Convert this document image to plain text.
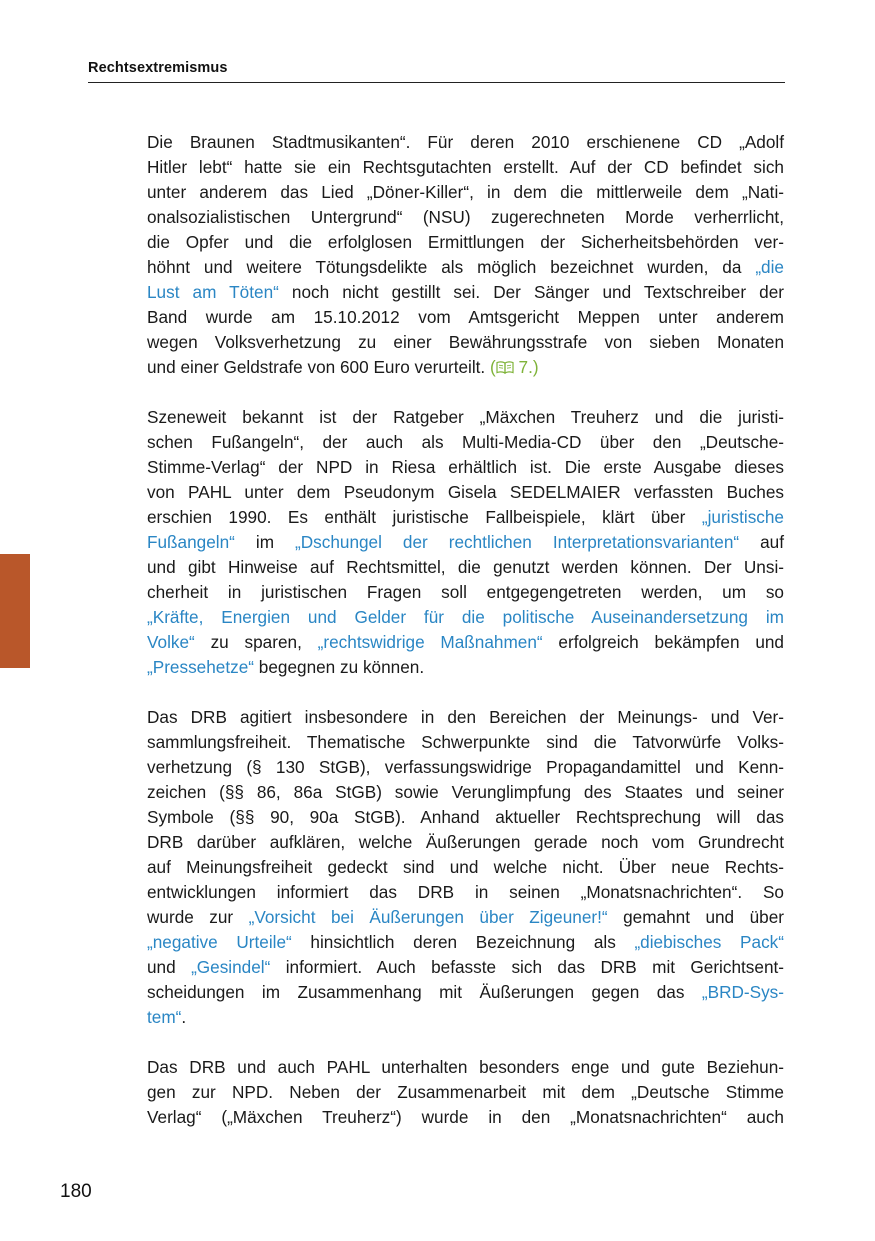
Rechtsextremismus

Die Braunen Stadtmusikanten“. Für deren 2010 erschienene CD „Adolf
Hitler lebt“ hatte sie ein Rechtsgutachten erstellt. Auf der CD befindet sich
unter anderem das Lied „Döner-Killer“, in dem die mittlerweile dem „Nati-
onalsozialistischen Untergrund“ (NSU) zugerechneten Morde verherrlicht,
die Opfer und die erfolglosen Ermittlungen der Sicherheitsbehörden ver-
höhnt und weitere Tötungsdelikte als möglich bezeichnet wurden, da „die
Lust am Töten“ noch nicht gestillt sei. Der Sänger und Textschreiber der
Band wurde am 15.10.2012 vom Amtsgericht Meppen unter anderem
wegen Volksverhetzung zu einer Bewährungsstrafe von sieben Monaten
und einer Geldstrafe von 600 Euro verurteilt. ( 7.)

Szeneweit bekannt ist der Ratgeber „Mäxchen Treuherz und die juristi-
schen Fußangeln“, der auch als Multi-Media-CD über den „Deutsche-
Stimme-Verlag“ der NPD in Riesa erhältlich ist. Die erste Ausgabe dieses
von PAHL unter dem Pseudonym Gisela SEDELMAIER verfassten Buches
erschien 1990. Es enthält juristische Fallbeispiele, klärt über „juristische
Fußangeln“ im „Dschungel der rechtlichen Interpretationsvarianten“ auf
und gibt Hinweise auf Rechtsmittel, die genutzt werden können. Der Unsi-
cherheit in juristischen Fragen soll entgegengetreten werden, um so
„Kräfte, Energien und Gelder für die politische Auseinandersetzung im
Volke“ zu sparen, „rechtswidrige Maßnahmen“ erfolgreich bekämpfen und
„Pressehetze“ begegnen zu können.

Das DRB agitiert insbesondere in den Bereichen der Meinungs- und Ver-
sammlungsfreiheit. Thematische Schwerpunkte sind die Tatvorwürfe Volks-
verhetzung (§ 130 StGB), verfassungswidrige Propagandamittel und Kenn-
zeichen (§§ 86, 86a StGB) sowie Verunglimpfung des Staates und seiner
Symbole (§§ 90, 90a StGB). Anhand aktueller Rechtsprechung will das
DRB darüber aufklären, welche Äußerungen gerade noch vom Grundrecht
auf Meinungsfreiheit gedeckt sind und welche nicht. Über neue Rechts-
entwicklungen informiert das DRB in seinen „Monatsnachrichten“. So
wurde zur „Vorsicht bei Äußerungen über Zigeuner!“ gemahnt und über
„negative Urteile“ hinsichtlich deren Bezeichnung als „diebisches Pack“
und „Gesindel“ informiert. Auch befasste sich das DRB mit Gerichtsent-
scheidungen im Zusammenhang mit Äußerungen gegen das „BRD-Sys-
tem“.

Das DRB und auch PAHL unterhalten besonders enge und gute Beziehun-
gen zur NPD. Neben der Zusammenarbeit mit dem „Deutsche Stimme
Verlag“ („Mäxchen Treuherz“) wurde in den „Monatsnachrichten“ auch

180
